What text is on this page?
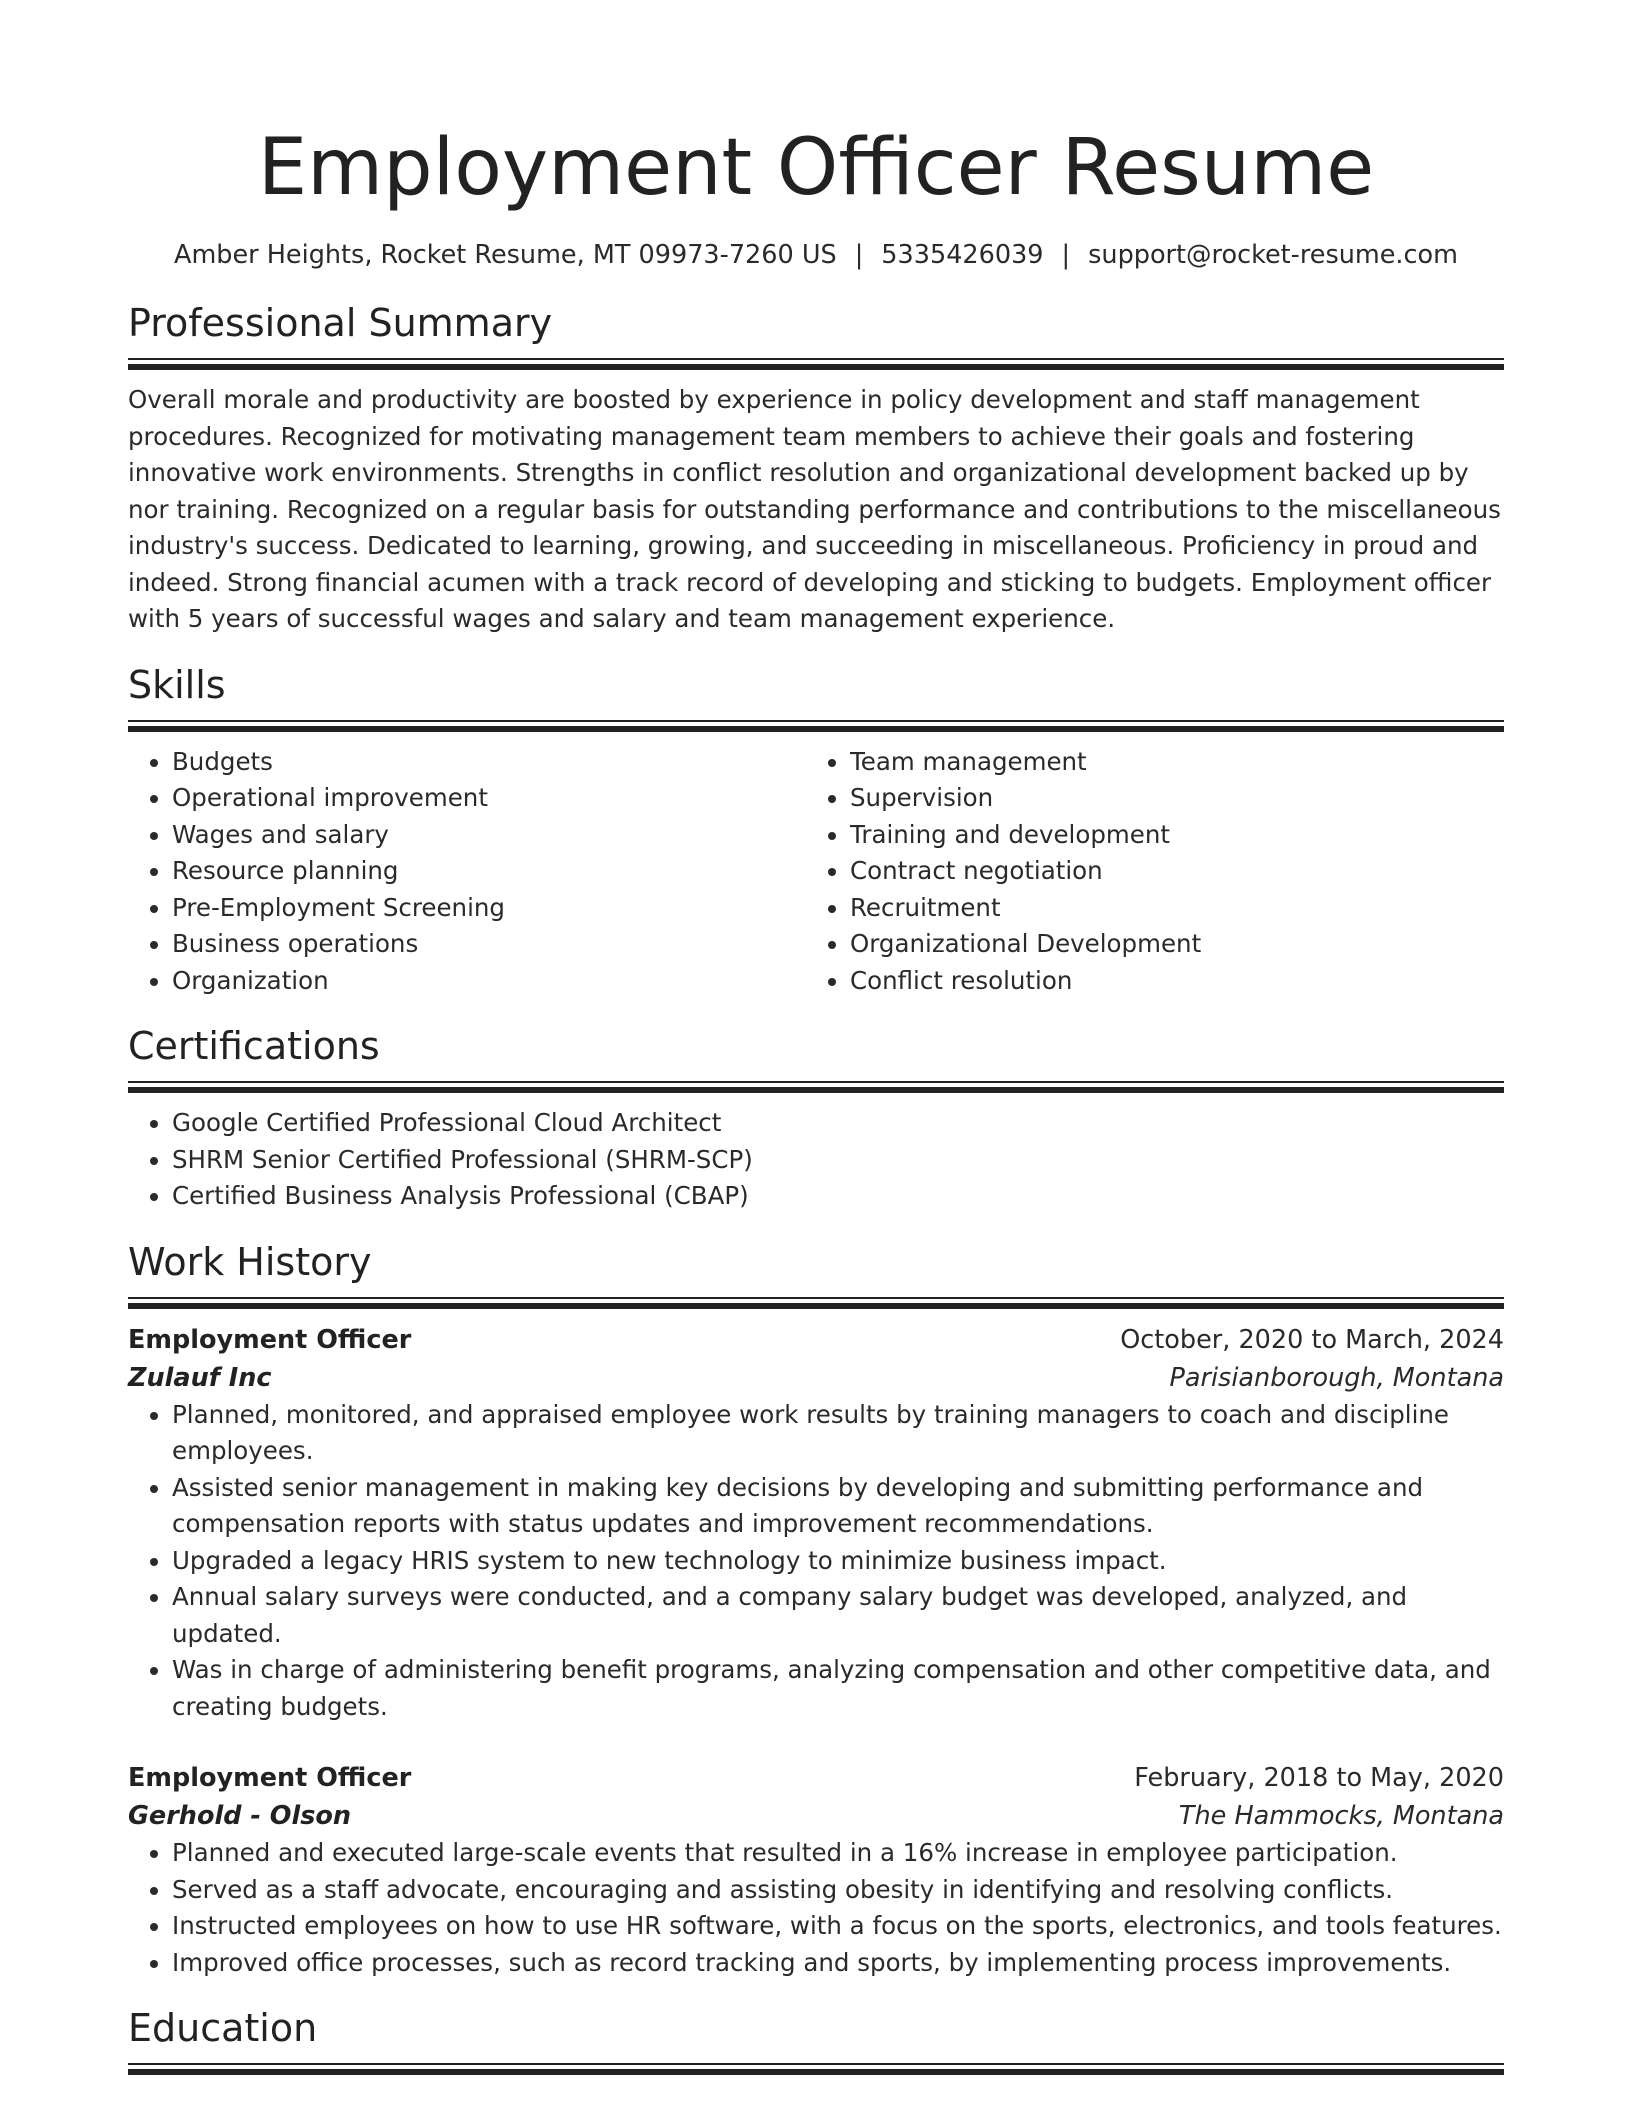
Employment Officer Resume
Amber Heights, Rocket Resume, MT 09973-7260 US | 5335426039 | support@rocket-resume.com
Professional Summary

Overall morale and productivity are boosted by experience in policy development and staff management procedures. Recognized for motivating management team members to achieve their goals and fostering innovative work environments. Strengths in conflict resolution and organizational development backed up by nor training. Recognized on a regular basis for outstanding performance and contributions to the miscellaneous industry's success. Dedicated to learning, growing, and succeeding in miscellaneous. Proficiency in proud and indeed. Strong financial acumen with a track record of developing and sticking to budgets. Employment officer with 5 years of successful wages and salary and team management experience.

Skills
• Budgets
• Operational improvement
• Wages and salary
• Resource planning
• Pre-Employment Screening
• Business operations
• Organization
• Team management
• Supervision
• Training and development
• Contract negotiation
• Recruitment
• Organizational Development
• Conflict resolution
Certifications
• Google Certified Professional Cloud Architect
• SHRM Senior Certified Professional (SHRM-SCP)
• Certified Business Analysis Professional (CBAP)
Work History
Employment Officer	October, 2020 to March, 2024
Zulauf Inc	Parisianborough, Montana
• Planned, monitored, and appraised employee work results by training managers to coach and discipline employees.
• Assisted senior management in making key decisions by developing and submitting performance and compensation reports with status updates and improvement recommendations.
• Upgraded a legacy HRIS system to new technology to minimize business impact.
• Annual salary surveys were conducted, and a company salary budget was developed, analyzed, and updated.
• Was in charge of administering benefit programs, analyzing compensation and other competitive data, and creating budgets.
Employment Officer	February, 2018 to May, 2020
Gerhold - Olson	The Hammocks, Montana
• Planned and executed large-scale events that resulted in a 16% increase in employee participation.
• Served as a staff advocate, encouraging and assisting obesity in identifying and resolving conflicts.
• Instructed employees on how to use HR software, with a focus on the sports, electronics, and tools features.
• Improved office processes, such as record tracking and sports, by implementing process improvements.
Education
